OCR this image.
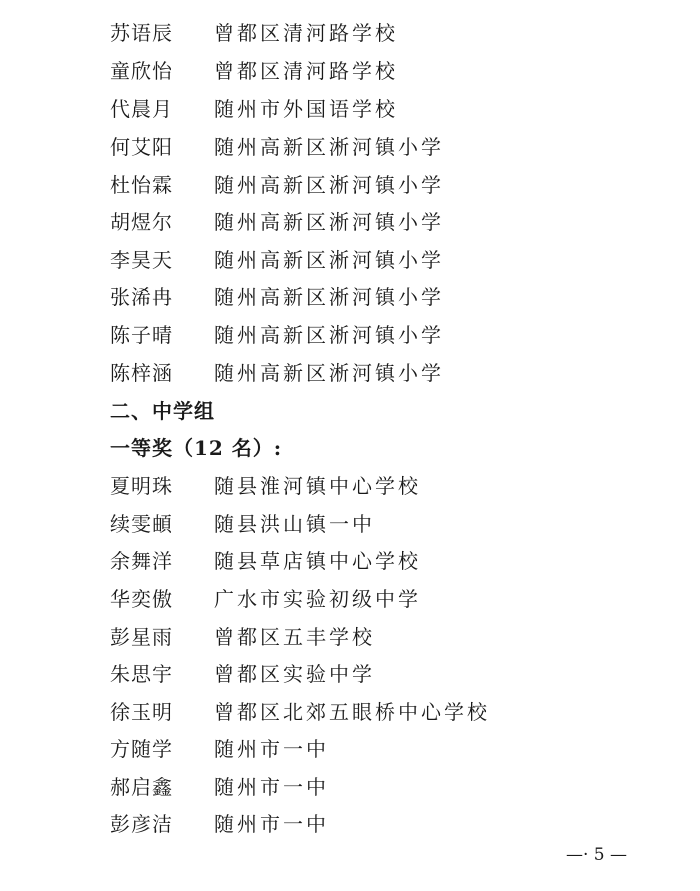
苏语辰 曾都区清河路学校
童欣怡 曾都区清河路学校
代晨月 随州市外国语学校
何艾阳 随州高新区淅河镇小学
杜怡霖 随州高新区淅河镇小学
胡煜尔 随州高新区淅河镇小学
李昊天 随州高新区淅河镇小学
张浠冉 随州高新区淅河镇小学
陈子晴 随州高新区淅河镇小学
陈梓涵 随州高新区淅河镇小学
二、中学组
一等奖（12 名）:
夏明珠 随县淮河镇中心学校
续雯頔 随县洪山镇一中
余舞洋 随县草店镇中心学校
华奕傲 广水市实验初级中学
彭星雨 曾都区五丰学校
朱思宇 曾都区实验中学
徐玉明 曾都区北郊五眼桥中心学校
方随学 随州市一中
郝启鑫 随州市一中
彭彦洁 随州市一中
—· 5 —
